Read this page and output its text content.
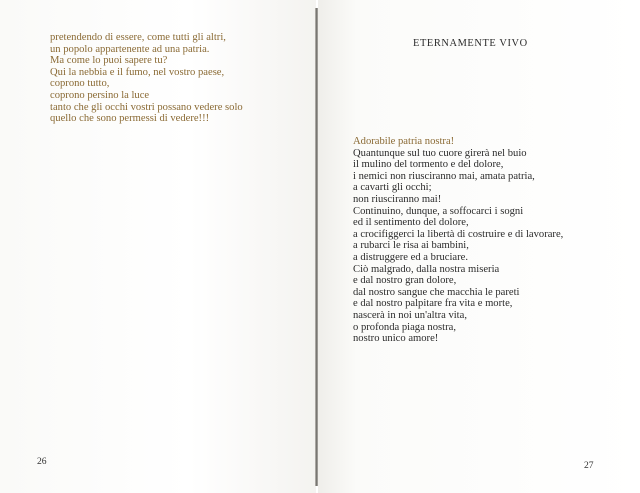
pretendendo di essere, come tutti gli altri,
un popolo appartenente ad una patria.
Ma come lo puoi sapere tu?
Qui la nebbia e il fumo, nel vostro paese,
coprono tutto,
coprono persino la luce
tanto che gli occhi vostri possano vedere solo
quello che sono permessi di vedere!!!
26
ETERNAMENTE VIVO
Adorabile patria nostra!
Quantunque sul tuo cuore girerà nel buio
il mulino del tormento e del dolore,
i nemici non riusciranno mai, amata patria,
a cavarti gli occhi;
non riusciranno mai!
Continuino, dunque, a soffocarci i sogni
ed il sentimento del dolore,
a crocifiggerci la libertà di costruire e di lavorare,
a rubarci le risa ai bambini,
a distruggere ed a bruciare.
Ciò malgrado, dalla nostra miseria
e dal nostro gran dolore,
dal nostro sangue che macchia le pareti
e dal nostro palpitare fra vita e morte,
nascerà in noi un'altra vita,
o profonda piaga nostra,
nostro unico amore!
27
